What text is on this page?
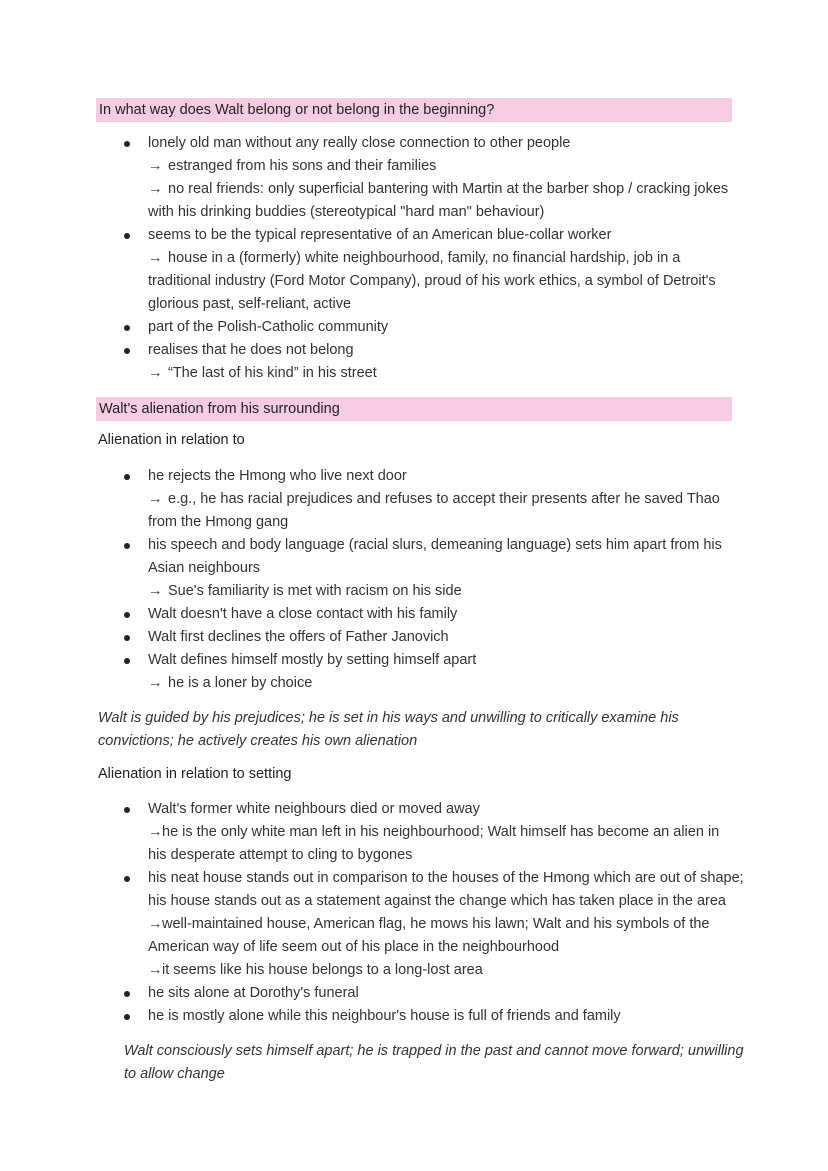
In what way does Walt belong or not belong in the beginning?
lonely old man without any really close connection to other people
→ estranged from his sons and their families
→ no real friends: only superficial bantering with Martin at the barber shop / cracking jokes
with his drinking buddies (stereotypical "hard man" behaviour)
seems to be the typical representative of an American blue-collar worker
→ house in a (formerly) white neighbourhood, family, no financial hardship, job in a
traditional industry (Ford Motor Company), proud of his work ethics, a symbol of Detroit's
glorious past, self-reliant, active
part of the Polish-Catholic community
realises that he does not belong
→ “The last of his kind” in his street
Walt's alienation from his surrounding
Alienation in relation to
he rejects the Hmong who live next door
→ e.g., he has racial prejudices and refuses to accept their presents after he saved Thao
from the Hmong gang
his speech and body language (racial slurs, demeaning language) sets him apart from his
Asian neighbours
→ Sue's familiarity is met with racism on his side
Walt doesn't have a close contact with his family
Walt first declines the offers of Father Janovich
Walt defines himself mostly by setting himself apart
→ he is a loner by choice
Walt is guided by his prejudices; he is set in his ways and unwilling to critically examine his
convictions; he actively creates his own alienation
Alienation in relation to setting
Walt's former white neighbours died or moved away
→he is the only white man left in his neighbourhood; Walt himself has become an alien in
his desperate attempt to cling to bygones
his neat house stands out in comparison to the houses of the Hmong which are out of shape;
his house stands out as a statement against the change which has taken place in the area
→well-maintained house, American flag, he mows his lawn; Walt and his symbols of the
American way of life seem out of his place in the neighbourhood
→it seems like his house belongs to a long-lost area
he sits alone at Dorothy's funeral
he is mostly alone while this neighbour's house is full of friends and family
Walt consciously sets himself apart; he is trapped in the past and cannot move forward; unwilling
to allow change
